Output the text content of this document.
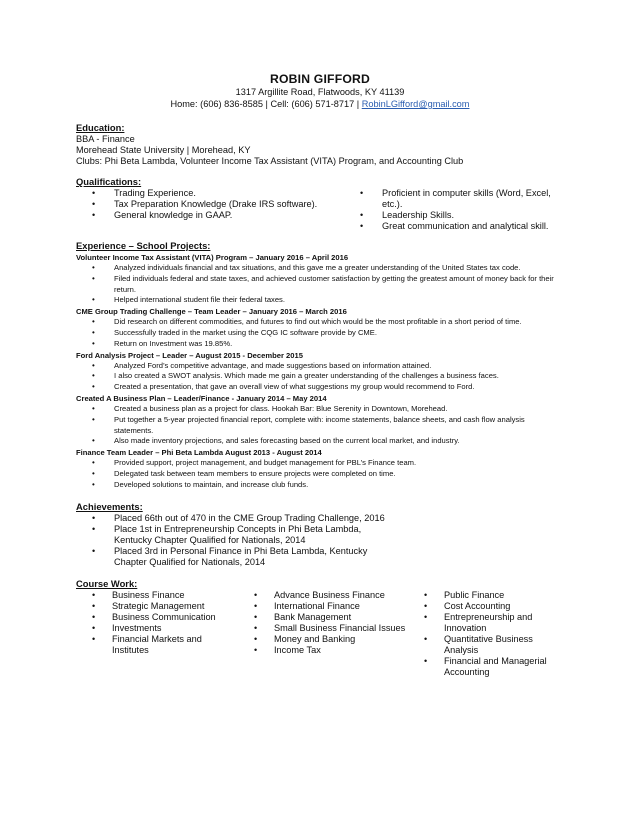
ROBIN GIFFORD
1317 Argillite Road, Flatwoods, KY 41139
Home: (606) 836-8585 | Cell: (606) 571-8717 | RobinLGifford@gmail.com
Education:
BBA - Finance
Morehead State University | Morehead, KY
Clubs: Phi Beta Lambda, Volunteer Income Tax Assistant (VITA) Program, and Accounting Club
Qualifications:
• Trading Experience.
• Tax Preparation Knowledge (Drake IRS software).
• General knowledge in GAAP.
• Proficient in computer skills (Word, Excel, etc.).
• Leadership Skills.
• Great communication and analytical skill.
Experience – School Projects:
Volunteer Income Tax Assistant (VITA) Program – January 2016 – April 2016
• Analyzed individuals financial and tax situations, and this gave me a greater understanding of the United States tax code.
• Filed individuals federal and state taxes, and achieved customer satisfaction by getting the greatest amount of money back for their return.
• Helped international student file their federal taxes.
CME Group Trading Challenge – Team Leader – January 2016 – March 2016
• Did research on different commodities, and futures to find out which would be the most profitable in a short period of time.
• Successfully traded in the market using the CQG IC software provide by CME.
• Return on Investment was 19.85%.
Ford Analysis Project – Leader – August 2015 - December 2015
• Analyzed Ford’s competitive advantage, and made suggestions based on information attained.
• I also created a SWOT analysis. Which made me gain a greater understanding of the challenges a business faces.
• Created a presentation, that gave an overall view of what suggestions my group would recommend to Ford.
Created A Business Plan – Leader/Finance - January 2014 – May 2014
• Created a business plan as a project for class. Hookah Bar: Blue Serenity in Downtown, Morehead.
• Put together a 5-year projected financial report, complete with: income statements, balance sheets, and cash flow analysis statements.
• Also made inventory projections, and sales forecasting based on the current local market, and industry.
Finance Team Leader – Phi Beta Lambda August 2013 - August 2014
• Provided support, project management, and budget management for PBL’s Finance team.
• Delegated task between team members to ensure projects were completed on time.
• Developed solutions to maintain, and increase club funds.
Achievements:
• Placed 66th out of 470 in the CME Group Trading Challenge, 2016
• Place 1st in Entrepreneurship Concepts in Phi Beta Lambda, Kentucky Chapter Qualified for Nationals, 2014
• Placed 3rd in Personal Finance in Phi Beta Lambda, Kentucky Chapter Qualified for Nationals, 2014
Course Work:
• Business Finance
• Strategic Management
• Business Communication
• Investments
• Financial Markets and Institutes
• Advance Business Finance
• International Finance
• Bank Management
• Small Business Financial Issues
• Money and Banking
• Income Tax
• Public Finance
• Cost Accounting
• Entrepreneurship and Innovation
• Quantitative Business Analysis
• Financial and Managerial Accounting
